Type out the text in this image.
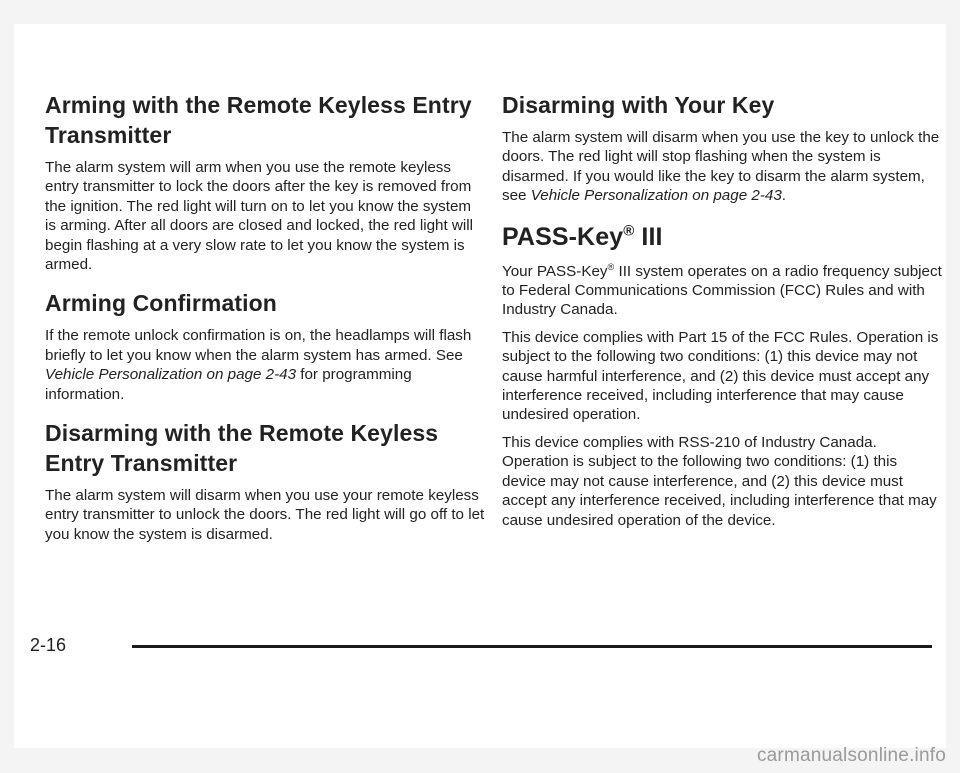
Arming with the Remote Keyless Entry Transmitter

The alarm system will arm when you use the remote keyless entry transmitter to lock the doors after the key is removed from the ignition. The red light will turn on to let you know the system is arming. After all doors are closed and locked, the red light will begin flashing at a very slow rate to let you know the system is armed.

Arming Confirmation

If the remote unlock confirmation is on, the headlamps will flash briefly to let you know when the alarm system has armed. See Vehicle Personalization on page 2-43 for programming information.

Disarming with the Remote Keyless Entry Transmitter

The alarm system will disarm when you use your remote keyless entry transmitter to unlock the doors. The red light will go off to let you know the system is disarmed.

Disarming with Your Key

The alarm system will disarm when you use the key to unlock the doors. The red light will stop flashing when the system is disarmed. If you would like the key to disarm the alarm system, see Vehicle Personalization on page 2-43.

PASS-Key® III

Your PASS-Key® III system operates on a radio frequency subject to Federal Communications Commission (FCC) Rules and with Industry Canada.

This device complies with Part 15 of the FCC Rules. Operation is subject to the following two conditions: (1) this device may not cause harmful interference, and (2) this device must accept any interference received, including interference that may cause undesired operation.

This device complies with RSS-210 of Industry Canada. Operation is subject to the following two conditions: (1) this device may not cause interference, and (2) this device must accept any interference received, including interference that may cause undesired operation of the device.

2-16
carmanualsonline.info
